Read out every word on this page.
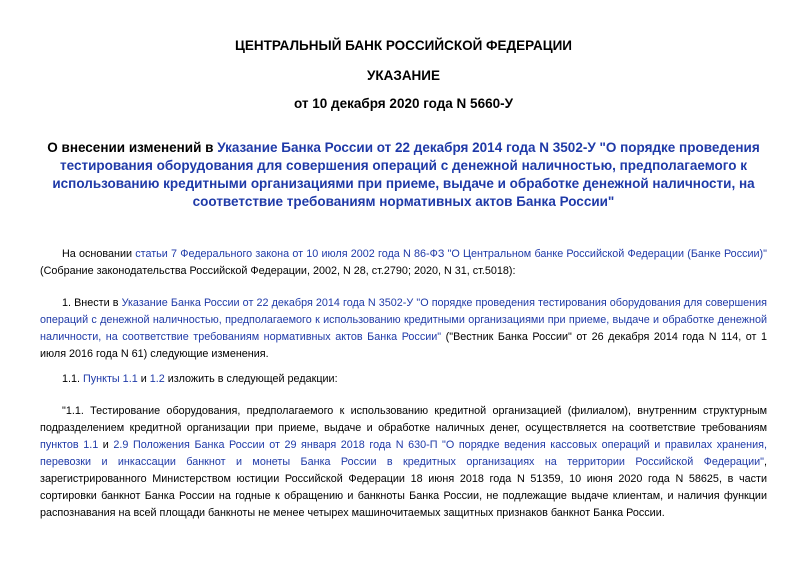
ЦЕНТРАЛЬНЫЙ БАНК РОССИЙСКОЙ ФЕДЕРАЦИИ
УКАЗАНИЕ
от 10 декабря 2020 года N 5660-У
О внесении изменений в Указание Банка России от 22 декабря 2014 года N 3502-У "О порядке проведения тестирования оборудования для совершения операций с денежной наличностью, предполагаемого к использованию кредитными организациями при приеме, выдаче и обработке денежной наличности, на соответствие требованиям нормативных актов Банка России"
На основании статьи 7 Федерального закона от 10 июля 2002 года N 86-ФЗ "О Центральном банке Российской Федерации (Банке России)" (Собрание законодательства Российской Федерации, 2002, N 28, ст.2790; 2020, N 31, ст.5018):
1. Внести в Указание Банка России от 22 декабря 2014 года N 3502-У "О порядке проведения тестирования оборудования для совершения операций с денежной наличностью, предполагаемого к использованию кредитными организациями при приеме, выдаче и обработке денежной наличности, на соответствие требованиям нормативных актов Банка России" ("Вестник Банка России" от 26 декабря 2014 года N 114, от 1 июля 2016 года N 61) следующие изменения.
1.1. Пункты 1.1 и 1.2 изложить в следующей редакции:
"1.1. Тестирование оборудования, предполагаемого к использованию кредитной организацией (филиалом), внутренним структурным подразделением кредитной организации при приеме, выдаче и обработке наличных денег, осуществляется на соответствие требованиям пунктов 1.1 и 2.9 Положения Банка России от 29 января 2018 года N 630-П "О порядке ведения кассовых операций и правилах хранения, перевозки и инкассации банкнот и монеты Банка России в кредитных организациях на территории Российской Федерации", зарегистрированного Министерством юстиции Российской Федерации 18 июня 2018 года N 51359, 10 июня 2020 года N 58625, в части сортировки банкнот Банка России на годные к обращению и банкноты Банка России, не подлежащие выдаче клиентам, и наличия функции распознавания на всей площади банкноты не менее четырех машиночитаемых защитных признаков банкнот Банка России.
